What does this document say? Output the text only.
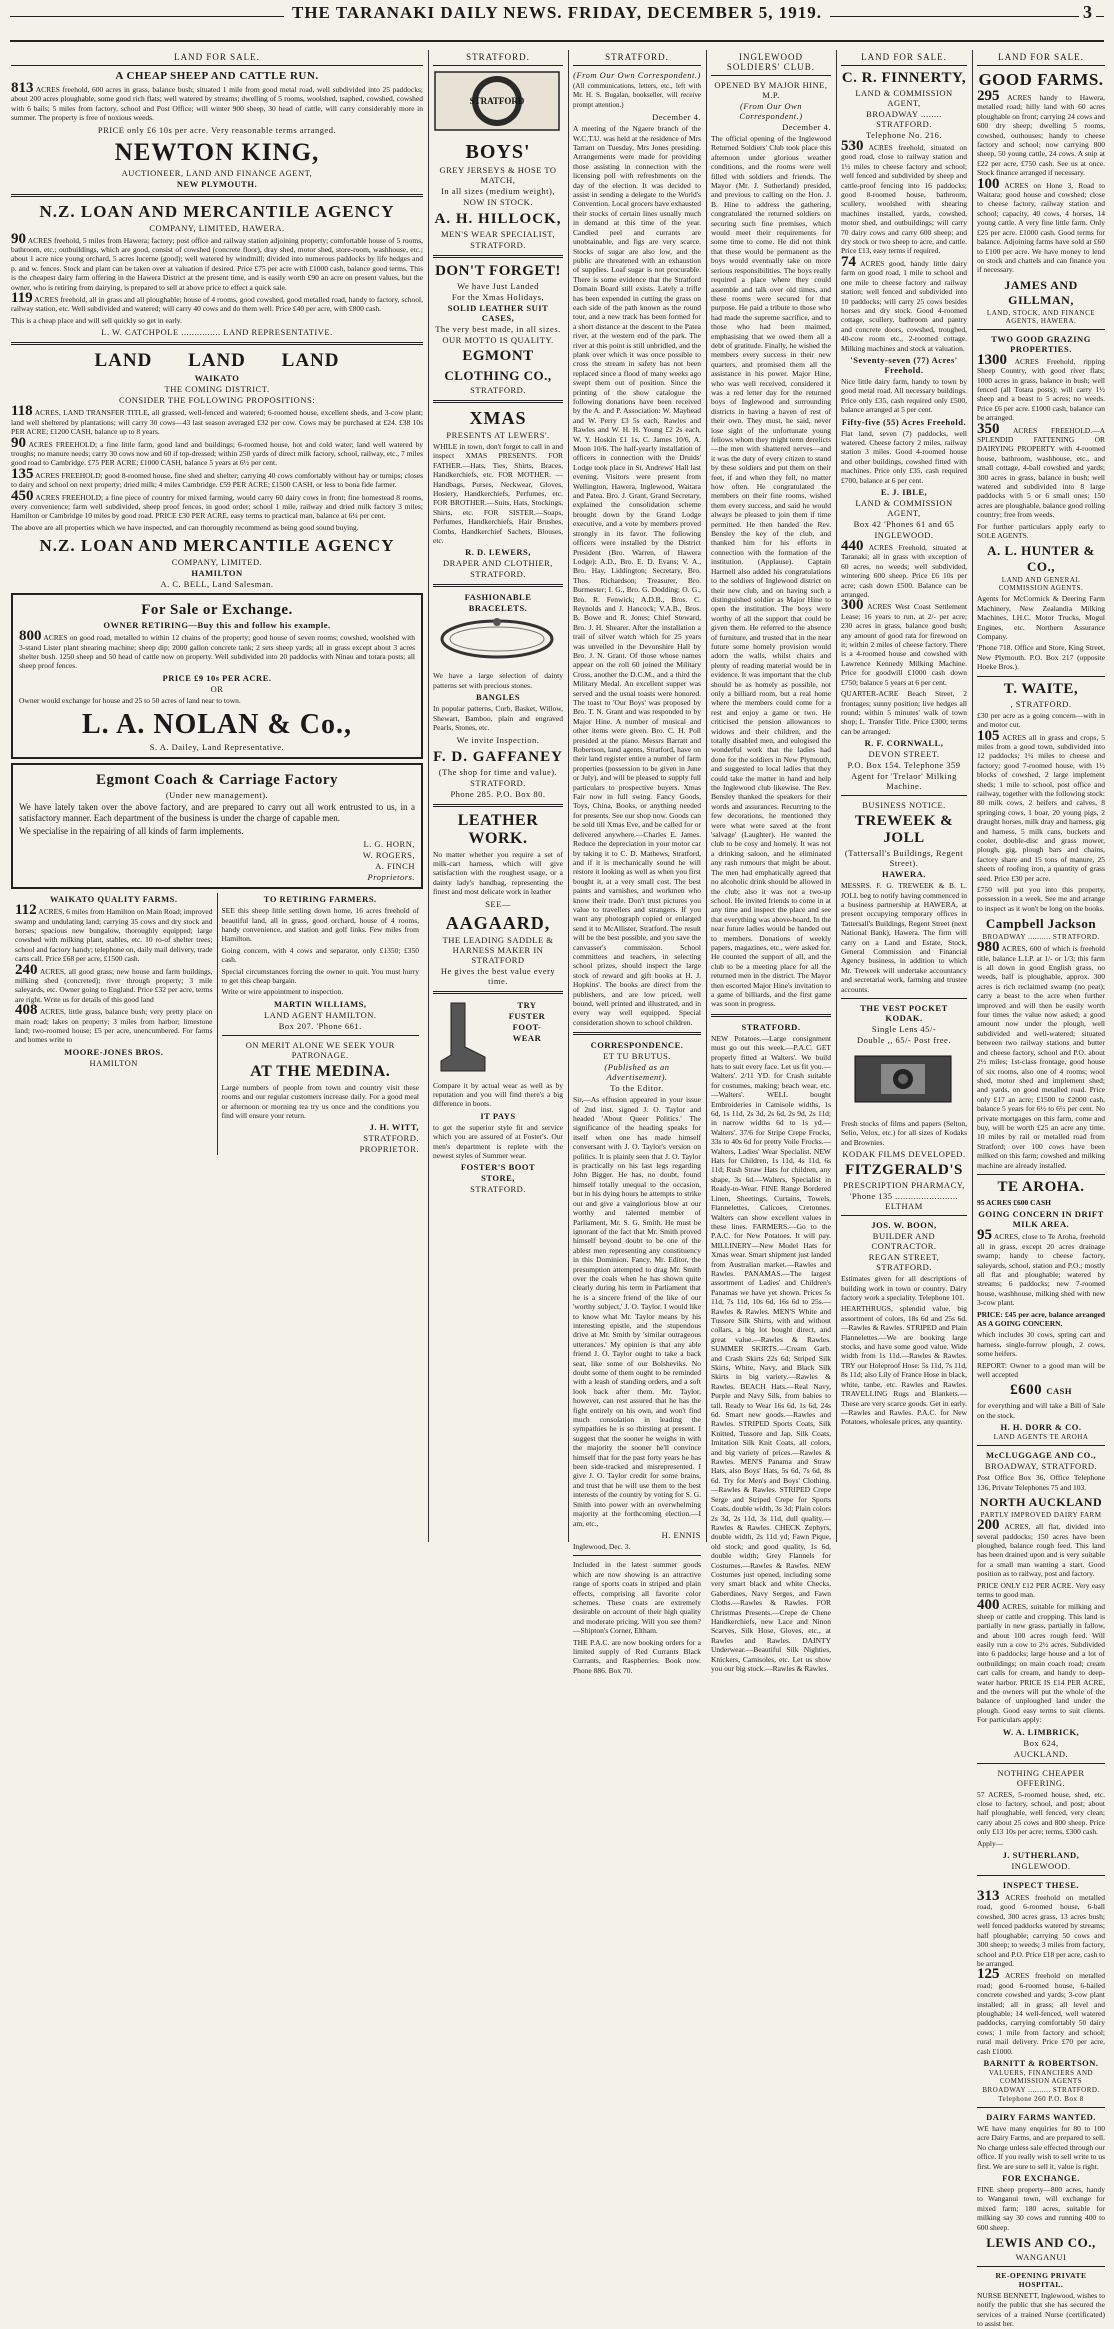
THE TARANAKI DAILY NEWS. FRIDAY, DECEMBER 5, 1919.	3
LAND FOR SALE.
A CHEAP SHEEP AND CATTLE RUN.
813 ACRES freehold, 600 acres in grass, balance bush; situated 1 mile from good metal road, well subdivided into 25 paddocks; about 200 acres ploughable, some good rich flats; well watered by streams; dwelling of 5 rooms, woolshed, tsaphed, cowshed, cowshed with 6 bails; 5 miles from factory, school and Post Office; will winter 900 sheep, 30 head of cattle, will carry considerably more in summer. The property is free of noxious weeds.
PRICE only £6 10s per acre. Very reasonable terms arranged.
NEWTON KING,
AUCTIONEER, LAND AND FINANCE AGENT,
NEW PLYMOUTH.
N.Z. LOAN AND MERCANTILE AGENCY
COMPANY, LIMITED, HAWERA.
90 ACRES freehold, 5 miles from Hawera; factory; post office and railway station adjoining property; comfortable house of 5 rooms, bathroom, etc.; outbuildings, which are good, consist of cowshed (concrete floor), dray shed, motor shed, store-room, washhouse, etc.; about 1 acre nice young orchard, 5 acres lucerne (good); well watered by windmill; divided into numerous paddocks by life hedges and p. and w. fences. Stock and plant can be taken over at valuation if desired. Price £75 per acre with £1000 cash, balance good terms. This is the cheapest dairy farm offering in the Hawera District at the present time, and is easily worth £90 an acre on present values, but the owner, who is retiring from dairying, is prepared to sell at above price to effect a quick sale.
119 ACRES freehold, all in grass and all ploughable; house of 4 rooms, good cowshed, good metalled road, handy to factory, school, railway station, etc. Well subdivided and watered; will carry 40 cows and do them well. Price £40 per acre, with £800 cash.
This is a cheap place and will sell quickly so get in early.
L. W. CATCHPOLE ............... LAND REPRESENTATIVE.
LAND LAND LAND
WAIKATO
THE COMING DISTRICT.
CONSIDER THE FOLLOWING PROPOSITIONS:
118 ACRES, LAND TRANSFER TITLE, all grassed, well-fenced and watered; 6-roomed house, excellent sheds, and 3-cow plant; land well sheltered by plantations; will carry 30 cows—43 last season averaged £32 per cow. Cows may be purchased at £24. £38 10s PER ACRE; £1200 CASH, balance up to 8 years.
90 ACRES FREEHOLD; a fine little farm, good land and buildings; 6-roomed house, hot and cold water; land well watered by troughs; no manure needs; carry 30 cows now and 60 if top-dressed; within 250 yards of direct milk factory, school, railway, etc., 7 miles good road to Cambridge. £75 PER ACRE; £1000 CASH, balance 5 years at 6½ per cent.
135 ACRES FREEHOLD; good 8-roomed house, fine shed and shelter; carrying 40 cows comfortably without hay or turnips; closes to dairy and school on next property; dried milk; 4 miles Cambridge. £59 PER ACRE; £1500 CASH, or less to bona fide farmer.
450 ACRES FREEHOLD; a fine piece of country for mixed farming, would carry 60 dairy cows in front; fine homestead 8 rooms, every convenience; farm well subdivided, sheep proof fences, in good order; school 1 mile, railway and dried milk factory 3 miles; Hamilton or Cambridge 10 miles by good road. PRICE £30 PER ACRE, easy terms to practical man, balance at 6¼ per cent.
The above are all properties which we have inspected, and can thoroughly recommend as being good sound buying.
N.Z. LOAN AND MERCANTILE AGENCY
COMPANY, LIMITED.
HAMILTON
A. C. BELL, Land Salesman.
For Sale or Exchange.
OWNER RETIRING—Buy this and follow his example.
800 ACRES on good road, metalled to within 12 chains of the property; good house of seven rooms; cowshed, woolshed with 3-stand Lister plant shearing machine; sheep dip; 2000 gallon concrete tank; 2 sets sheep yards; all in grass except about 3 acres shelter bush. 1250 sheep and 50 head of cattle now on property. Well subdivided into 20 paddocks with Ninau and totara posts; all sheep proof fences.
PRICE £9 10s PER ACRE.
OR
Owner would exchange for house and 25 to 50 acres of land near to town.
L. A. NOLAN & Co.,
S. A. Dailey, Land Representative.
Egmont Coach & Carriage Factory
(Under new management).
We have lately taken over the above factory, and are prepared to carry out all work entrusted to us, in a satisfactory manner. Each department of the business is under the charge of capable men.
We specialise in the repairing of all kinds of farm implements.
L. G. HORN,
W. ROGERS,
A. FINCH
Proprietors.
WAIKATO QUALITY FARMS.
112 ACRES, 6 miles from Hamilton on Main Road; improved swamp and undulating land; carrying 35 cows and dry stock and horses; spacious new bungalow, thoroughly equipped; large cowshed with milking plant, stables, etc. 10 ro-of shelter trees; school and factory handy; telephone on, daily mail delivery, trade carts call. Price £68 per acre, £1500 cash.
240 ACRES, all good grass; new house and farm buildings, milking shed (concreted); river through property; 3 mile saleyards, etc. Owner going to England. Price £32 per acre, terms are right. Write us for details of this good land
408 ACRES, little grass, balance bush; very pretty place on main road; lakes on property; 3 miles from harbor; limestone land; two-roomed house; £5 per acre, unencumbered. For farms and homes write to
MOORE-JONES BROS.
HAMILTON
TO RETIRING FARMERS.
SEE this sheep little settling down home, 16 acres freehold of beautiful land, all in grass, good orchard, house of 4 rooms, handy convenience, and station and golf links. Few miles from Hamilton.
Going concern, with 4 cows and separator, only £1350; £350 cash.
Special circumstances forcing the owner to quit. You must hurry to get this cheap bargain.
Write or wire appointment to inspection.
MARTIN WILLIAMS,
LAND AGENT HAMILTON.
Box 207. 'Phone 661.
ON MERIT ALONE WE SEEK YOUR PATRONAGE.
AT THE MEDINA.
Large numbers of people from town and country visit these rooms and our regular customers increase daily. For a good meal or afternoon or morning tea try us once and the conditions you find will ensure your return.
J. H. WITT,
STRATFORD.
PROPRIETOR.
STRATFORD.
STRATFORD
BOYS'
GREY JERSEYS & HOSE TO MATCH,
In all sizes (medium weight),
NOW IN STOCK.
A. H. HILLOCK,
MEN'S WEAR SPECIALIST,
STRATFORD.
DON'T FORGET!
We have Just Landed
For the Xmas Holidays,
SOLID LEATHER SUIT CASES,
The very best made, in all sizes.
OUR MOTTO IS QUALITY.
EGMONT
CLOTHING CO.,
STRATFORD.
XMAS
PRESENTS AT LEWERS'.
WHILE in town, don't forget to call in and inspect XMAS PRESENTS. FOR FATHER.—Hats, Ties, Shirts, Braces, Handkerchiefs, etc. FOR MOTHER. — Handbags, Purses, Neckwear, Gloves, Hosiery, Handkerchiefs, Perfumes, etc. FOR BROTHER.—Suits, Hats, Stockings, Shirts, etc. FOR SISTER.—Soaps, Perfumes, Handkerchiefs, Hair Brushes, Combs, Handkerchief Sachets, Blouses, etc.
R. D. LEWERS,
DRAPER AND CLOTHIER,
STRATFORD.
FASHIONABLE
BRACELETS.
We have a large selection of dainty patterns set with precious stones.
BANGLES
In popular patterns, Curb, Basket, Willow, Shewart, Bamboo, plain and engraved Pearls, Stones, etc.
We invite Inspection.
F. D. GAFFANEY
(The shop for time and value).
STRATFORD.
Phone 285. P.O. Box 80.
LEATHER WORK.
No matter whether you require a set of milk-cart harness, which will give satisfaction with the roughest usage, or a dainty lady's handbag, representing the finest and most delicate work in leather
SEE—
AAGAARD,
THE LEADING SADDLE & HARNESS MAKER IN STRATFORD
He gives the best value every time.
TRY
FUSTER
FOOT-
WEAR
Compare it by actual wear as well as by reputation and you will find there's a big difference in boots.
IT PAYS
to get the superior style fit and service which you are assured of at Foster's. Our men's department is replete with the newest styles of Summer wear.
FOSTER'S BOOT
STORE,
STRATFORD.
STRATFORD.
(From Our Own Correspondent.)
(All communications, letters, etc., left with Mr. H. S. Bugalan, bookseller, will receive prompt attention.)
December 4.
A meeting of the Ngaere branch of the W.C.T.U. was held at the residence of Mrs Tarrant on Tuesday, Mrs Jones presiding. Arrangements were made for providing those assisting in connection with the licensing poll with refreshments on the day of the election. It was decided to assist in sending a delegate to the World's Convention. Local grocers have exhausted their stocks of certain lines usually much in demand at this time of the year. Candied peel and currants are unobtainable, and figs are very scarce. Stocks of sugar are also low, and the public are threatened with an exhaustion of supplies. Loaf sugar is not procurable. There is some evidence that the Stratford Domain Board still exists. Lately a trifle has been expended in cutting the grass on each side of the path known as the round tour, and a new track has been formed for a short distance at the descent to the Patea river, at the western end of the park. The river at this point is still unbridled, and the plank over which it was once possible to cross the stream in safety has not been replaced since a flood of many weeks ago swept them out of position. Since the printing of the show catalogue the following donations have been received by the A. and P. Association: W. Mayhead and W. Perry £3 5s each, Rawles and Rawles and W. H. H. Young £2 2s each, W. Y. Hoskin £1 1s, C. James 10/6, A. Moon 10/6. The half-yearly installation of officers in connection with the Druids' Lodge took place in St. Andrews' Hall last evening. Visitors were present from Wellington, Hawera, Inglewood, Waitara and Patea. Bro. J. Grant, Grand Secretary, explained the consolidation scheme brought down by the Grand Lodge executive, and a vote by members proved strongly in its favor. The following officers were installed by the District President (Bro. Warren, of Hawera Lodge): A.D., Bro. E. D. Evans; V. A., Bro. Hay, Liddington; Secretary, Bro. Thos. Richardson; Treasurer, Bro. Burmester; I. G., Bro. G. Dodding; O. G., Bro. R. Fenwick; A.D.B., Bros. C. Reynolds and J. Hancock; V.A.B., Bros. B. Bowe and R. Jones; Chief Steward, Bro. J. H. Shearer. After the installation a trail of silver watch which for 25 years was unveiled in the Devonshire Hall by Bro. J. N. Grant. Of those whose names appear on the roll 60 joined the Military Cross, another the D.C.M., and a third the Military Medal. An excellent supper was served and the usual toasts were honored. The toast to 'Our Boys' was proposed by Bro. T. N. Grant and was responded to by Major Hine. A number of musical and other items were given. Bro. C. H. Poll presided at the piano. Messrs Barratt and Robertson, land agents, Stratford, have on their land register entire a number of farm properties (possession to be given in June or July), and will be pleased to supply full particulars to prospective buyers. Xmas Fair now in full swing. Fancy Goods, Toys, China, Books, or anything needed for presents. See our shop now. Goods can be sold till Xmas Eve, and be called for or delivered anywhere.—Charles E. James. Reduce the depreciation in your motor car by taking it to C. D. Mathews, Stratford, and if it is mechanically sound he will restore it looking as well as when you first bought it, at a very small cost. The best paints and varnishes, and workmen who know their trade. Don't trust pictures you value to travellers and strangers. If you want any photograph copied or enlarged send it to McAllister, Stratford. The result will be the best possible, and you save the canvasser's commission. School committees and teachers, in selecting school prizes, should inspect the large stock of reward and gift books at H. J. Hopkins'. The books are direct from the publishers, and are low priced, well bound, well printed and illustrated, and in every way well equipped. Special consideration shown to school children.
CORRESPONDENCE.
ET TU BRUTUS.
(Published as an Advertisement).
To the Editor.
Sir,—As effusion appeared in your issue of 2nd inst. signed J. O. Taylor and headed 'About Queer Politics.' The significance of the heading speaks for itself when one has made himself conversant with J. O. Taylor's version on politics. It is plainly seen that J. O. Taylor is practically on his last legs regarding John Bigger. He has, no doubt, found himself totally unequal to the occasion, but in his dying hours he attempts to strike out and give a vainglorious blow at our worthy and talented member of Parliament, Mr. S. G. Smith. He must be ignorant of the fact that Mr. Smith proved himself beyond doubt to be one of the ablest men representing any constituency in this Dominion. Fancy, Mr. Editor, the presumption attempted to drag Mr. Smith over the coals when he has shown quite clearly during his term in Parliament that he is a sincere friend of the like of our 'worthy subject,' J. O. Taylor. I would like to know what Mr. Taylor means by his interesting epistle, and the stupendous drive at Mr. Smith by 'similar outrageous utterances.' My opinion is that any able friend J. O. Taylor ought to take a back seat, like some of our Bolsheviks. No doubt some of them ought to be reminded with a leash of standing orders, and a soft look back after them. Mr. Taylor, however, can rest assured that he has the fight entirely on his own, and won't find much consolation in leading the sympathies he is so thirsting at present. I suggest that the sooner he weighs in with the majority the sooner he'll convince himself that for the past forty years he has been side-tracked and misrepresented. I give J. O. Taylor credit for some brains, and trust that he will use them to the best interests of the country by voting for S. G. Smith into power with an overwhelming majority at the forthcoming election.—I am, etc.,
H. ENNIS
Inglewood, Dec. 3.
Included in the latest summer goods which are now showing is an attractive range of sports coats in striped and plain effects, comprising all favorite color schemes. These coats are extremely desirable on account of their high quality and moderate pricing. Will you see them?—Shipton's Corner, Eltham.
THE P.A.C. are now booking orders for a limited supply of Red Currants Black Currants, and Raspberries. Book now. Phone 886. Box 70.
INGLEWOOD SOLDIERS' CLUB.
OPENED BY MAJOR HINE, M.P.
(From Our Own Correspondent.)
December 4.
The official opening of the Inglewood Returned Soldiers' Club took place this afternoon under glorious weather conditions, and the rooms were well filled with soldiers and friends. The Mayor (Mr. J. Sutherland) presided, and previous to calling on the Hon. J. B. Hine to address the gathering, congratulated the returned soldiers on securing such fine premises, which would meet their requirements for some time to come. He did not think that these would be permanent as the boys would eventually take on more serious responsibilities. The boys really required a place where they could assemble and talk over old times, and these rooms were secured for that purpose. He paid a tribute to those who had made the supreme sacrifice, and to those who had been maimed, emphasising that we owed them all a debt of gratitude. Finally, he wished the members every success in their new quarters, and promised them all the assistance in his power. Major Hine, who was well received, considered it was a red letter day for the returned boys of Inglewood and surrounding districts in having a haven of rest of their own. They must, he said, never lose sight of the unfortunate young fellows whom they might term derelicts—the men with shattered nerves—and it was the duty of every citizen to stand by these soldiers and put them on their feet, if and when they fell, no matter how often. He congratulated the members on their fine rooms, wished them every success, and said he would always be pleased to join them if time permitted. He then handed the Rev. Bensley the key of the club, and thanked him for his efforts in connection with the formation of the institution. (Applause). Captain Hartnell also added his congratulations to the soldiers of Inglewood district on their new club, and on having such a distinguished soldier as Major Hine to open the institution. The boys were worthy of all the support that could be given them. He referred to the absence of furniture, and trusted that in the near future some homely provision would adorn the walls, whilst chairs and plenty of reading material would be in evidence. It was important that the club should be as homely as possible, not only a billiard room, but a real home where the members could come for a rest and enjoy a game or two. He criticised the pension allowances to widows and their children, and the totally disabled men, and eulogised the wonderful work that the ladies had done for the soldiers in New Plymouth, and suggested to local ladies that they could take the matter in hand and help the Inglewood club likewise. The Rev. Bensley thanked the speakers for their words and assurances. Recurring to the few decorations, he mentioned they were what were saved at the front 'salvage' (Laughter). He wanted the club to be cosy and homely. It was not a drinking saloon, and he eliminated any rash rumours that might be about. The men had emphatically agreed that no alcoholic drink should be allowed in the club; also it was not a two-up school. He invited friends to come in at any time and inspect the place and see that everything was above-board. In the near future ladies would be handed out to members. Donations of weekly papers, magazines, etc., were asked for. He counted the support of all, and the club to be a meeting place for all the returned men in the district. The Mayor then escorted Major Hine's invitation to a game of billiards, and the first game was soon in progress.
STRATFORD.
NEW Potatoes.—Large consignment must go out this week.—P.A.C. GET properly fitted at Walters'. We build hats to suit every face. Let us fit you.—Walters'. 2/11 YD. for Crash suitable for costumes, making; beach wear, etc.—Walters'. WELL bought Embroideries in Camisole widths, 1s 6d, 1s 11d, 2s 3d, 2s 6d, 2s 9d, 2s 11d; in narrow widths 6d to 1s yd.—Walters'. 37/6 for Stripe Crepe Frocks, 33s to 40s 6d for pretty Voile Frocks.—Walters, Ladies' Wear Specialist. NEW Hats for Children, 1s 11d, 4s 11d, 6s 11d; Rush Straw Hats for children, any shape, 3s 6d.—Walters, Specialist in Ready-to-Wear. FINE Range Bordered Linen, Sheetings, Curtains, Towels, Flannelettes, Calicoes, Cretonnes. Walters can show excellent values in these lines. FARMERS.—Go to the P.A.C. for New Potatoes. It will pay. MILLINERY—New Model Hats for Xmas wear. Smart shipment just landed from Australian market.—Rawles and Rawles. PANAMAS.—The largest assortment of Ladies' and Children's Panamas we have yet shown. Prices 5s 11d, 7s 11d, 10s 6d, 16s 6d to 25s.—Rawles & Rawles. MEN'S White and Tussore Silk Shirts, with and without collars, a big lot bought direct, and great value.—Rawles & Rawles. SUMMER SKIRTS.—Cream Garb. and Crash Skirts 22s 6d; Striped Silk Skirts, White, Navy, and Black Silk Skirts in big variety.—Rawles & Rawles. BEACH Hats.—Real Navy, Purple and Navy Silk, from babies to tall. Ready to Wear 16s 6d, 1s 6d, 24s 6d. Smart new goods.—Rawles and Rawles. STRIPED Sports Coats, Silk Knitted, Tussore and Jap. Silk Coats, Imitation Silk Knit Coats, all colors, and big variety of prices.—Rawles & Rawles. MEN'S Panama and Straw Hats, also Boys' Hats, 5s 6d, 7s 6d, 8s 6d. Try for Men's and Boys' Clothing.—Rawles & Rawles. STRIPED Crepe Serge and Striped Crepe for Sports Coats, double width, 3s 3d; Plain colors 2s 3d, 2s 11d, 3s 11d, dull quality.—Rawles & Rawles. CHECK Zephyrs, double width, 2s 11d yd; Fawn Pique, old stock; and good quality, 1s 6d, double width; Grey Flannels for Costumes.—Rawles & Rawles. NEW Costumes just opened, including some very smart black and white Checks, Gaberdines, Navy Serges, and Fawn Cloths.—Rawles & Rawles. FOR Christmas Presents.—Crepe de Chene Handkerchiefs, new Lace and Ninon Scarves, Silk Hose, Gloves, etc., at Rawles and Rawles. DAINTY Underwear.—Beautiful Silk Nighties, Knickers, Camisoles, etc. Let us show you our big stock.—Rawles & Rawles.
LAND FOR SALE.
C. R. FINNERTY,
LAND & COMMISSION AGENT,
BROADWAY ........ STRATFORD.
Telephone No. 216.
530 ACRES freehold, situated on good road, close to railway station and 1½ miles to cheese factory and school; well fenced and subdivided by sheep and cattle-proof fencing into 16 paddocks; good 8-roomed house, bathroom, scullery, woolshed with shearing machines installed, yards, cowshed, motor shed, and outbuildings; will carry 70 dairy cows and carry 600 sheep; and dry stock or two sheep to acre, and cattle. Price £13, easy terms if required.
74 ACRES good, handy little dairy farm on good road, 1 mile to school and one mile to cheese factory and railway station; well fenced and subdivided into 10 paddocks; will carry 25 cows besides horses and dry stock. Good 4-roomed cottage, scullery, bathroom and pantry and concrete doors, cowshed, troughed, 40-cow room etc., 2-roomed cottage. Milking machines and stock at valuation.
'Seventy-seven (77) Acres' Freehold.
Nice little dairy farm, handy to town by good metal road. All necessary buildings. Price only £35, cash required only £500, balance arranged at 5 per cent.
Fifty-five (55) Acres Freehold.
Flat land, seven (7) paddocks, well watered. Cheese factory 2 miles, railway station 3 miles. Good 4-roomed house and other buildings, cowshed fitted with machines. Price only £35, cash required £700, balance at 6 per cent.
E. J. IBLE,
LAND & COMMISSION AGENT,
Box 42 'Phones 61 and 65
INGLEWOOD.
440 ACRES Freehold, situated at Taranaki; all in grass with exception of 60 acres, no weeds; well subdivided, wintering 600 sheep. Price £6 10s per acre; cash down £500. Balance can be arranged.
300 ACRES West Coast Settlement Lease; 16 years to run, at 2/- per acre; 230 acres in grass, balance good bush; any amount of good rata for firewood on it; within 2 miles of cheese factory. There is a 4-roomed house and cowshed with Lawrence Kennedy Milking Machine. Price for goodwill £1000 cash down £750; balance 5 years at 6 per cent.
QUARTER-ACRE Beach Street, 2 frontages; sunny position; live hedges all round; within 5 minutes' walk of town shop; L. Transfer Title. Price £300; terms can be arranged.
R. F. CORNWALL,
DEVON STREET.
P.O. Box 154. Telephone 359
Agent for 'Trelaor' Milking Machine.
BUSINESS NOTICE.
TREWEEK & JOLL
(Tattersall's Buildings, Regent Street).
HAWERA.
MESSRS. F. G. TREWEEK & B. L. JOLL beg to notify having commenced in a business partnership at HAWERA, at present occupying temporary offices in Tattersall's Buildings, Regent Street (next National Bank), Hawera. The firm will carry on a Land and Estate, Stock, General Commission and Financial Agency business, in addition to which Mr. Treweek will undertake accountancy and secretarial work, farming and trustee accounts.
THE VEST POCKET KODAK.
Single Lens 45/-
Double ,, 65/- Post free.
Fresh stocks of films and papers (Selton, Selio, Velox, etc.) for all sizes of Kodaks and Brownies.
KODAK FILMS DEVELOPED.
FITZGERALD'S
PRESCRIPTION PHARMACY,
'Phone 135 ........................ ELTHAM
JOS. W. BOON,
BUILDER AND CONTRACTOR.
REGAN STREET, STRATFORD.
Estimates given for all descriptions of building work in town or country. Dairy factory work a speciality. Telephone 101.
HEARTHRUGS, splendid value, big assortment of colors, 18s 6d and 25s 6d.—Rawles & Rawles. STRIPED and Plain Flannelettes.—We are booking large stocks, and have some good value. Wide width from 1s 11d.—Rawles & Rawles. TRY our Holeproof Hose: 5s 11d, 7s 11d, 8s 11d; also Lily of France Hose in black, white, tanbe, etc. Rawles and Rawles. TRAVELLING Rugs and Blankets.—These are very scarce goods. Get in early.—Rawles and Rawles. P.A.C. for New Potatoes, wholesale prices, any quantity.
LAND FOR SALE.
GOOD FARMS.
295 ACRES handy to Hawera, metalled road; hilly land with 60 acres ploughable on front; carrying 24 cows and 600 dry sheep; dwelling 5 rooms, cowshed, outhouses; handy to cheese factory and school; now carrying 800 sheep, 50 young cattle, 24 cows. A snip at £22 per acre, £750 cash. See us at once. Stock finance arranged if necessary.
100 ACRES on Hone 3, Road to Waitara; good house and cowshed; close to cheese factory, railway station and school; capacity, 40 cows, 4 horses, 14 young cattle. A very fine little farm. Only £25 per acre. £1000 cash. Good terms for balance. Adjoining farms have sold at £60 to £100 per acre. We have money to lend on stock and chattels and can finance you if necessary.
JAMES AND GILLMAN,
LAND, STOCK, AND FINANCE AGENTS, HAWERA.
TWO GOOD GRAZING PROPERTIES.
1300 ACRES Freehold, ripping Sheep Country, with good river flats; 1000 acres in grass, balance in bush; well fenced (all Totara posts); will carry 1½ sheep and a beast to 5 acres; no weeds. Price £6 per acre. £1000 cash, balance can be arranged.
350 ACRES FREEHOLD.—A SPLENDID FATTENING OR DAIRYING PROPERTY with 4-roomed house, bathroom, washhouse, etc., and small cottage, 4-ball cowshed and yards; 300 acres in grass, balance in bush; well watered and subdivided into 8 large paddocks with 5 or 6 small ones; 150 acres are ploughable, balance good rolling country; free from weeds.
For further particulars apply early to SOLE AGENTS.
A. L. HUNTER & CO.,
LAND AND GENERAL COMMISSION AGENTS.
Agents for McCormick & Deering Farm Machinery, New Zealandia Milking Machines, I.H.C. Motor Trucks, Mogul Engines, etc. Northern Assurance Company.
'Phone 718. Office and Store, King Street, New Plymouth. P.O. Box 217 (opposite Hoeke Bros.).
T. WAITE,
, STRATFORD.
£30 per acre as a going concern—with in and motor cut.
105 ACRES all in grass and crops, 5 miles from a good town, subdivided into 12 paddocks; 1¼ miles to cheese and factory; good 7-roomed house, with 1½ blocks of cowshed, 2 large implement sheds; 1 mile to school, post office and railway, together with the following stock: 80 milk cows, 2 heifers and calves, 8 springing cows, 1 boar, 20 young pigs, 2 draught horses, milk dray and harness, gig and harness, 5 milk cans, buckets and cooler, double-disc and grass mower, plough, gig, plough bars and chains, factory share and 15 tons of manure, 25 sheets of roofing iron, a quantity of grass seed. Price £30 per acre.
£750 will put you into this property, possession in a week. See me and arrange to inspect as it won't be long on the books.
Campbell Jackson
BROADWAY .......... STRATFORD.
980 ACRES, 600 of which is freehold title, balance L.I.P. at 1/- or 1/3; this farm is all down in good English grass, no weeds, half is ploughable, approx. 300 acres is rich reclaimed swamp (no peat); carry a beast to the acre when further improved and will then be easily worth four times the value now asked; a good amount now under the plough, well subdivided and well-watered; situated between two railway stations and butter and cheese factory, school and P.O. about 2½ miles; 1st-class frontage, good house of six rooms, also one of 4 rooms; wool shed, motor shed and implement shed; and yards, on good metalled road. Price only £17 an acre; £1500 to £2000 cash, balance 5 years for 6½ to 6½ per cent. No private mortgages on this farm, come and buy, will be worth £25 an acre any time. 10 miles by rail or metalled road from Stratford; over 100 cows have been milked on this farm; cowshed and milking machine are already installed.
TE AROHA.
95 ACRES £600 CASH
GOING CONCERN IN DRIFT MILK AREA.
95 ACRES, close to Te Aroha, freehold all in grass, except 20 acres drainage swamp; handy to cheese factory, saleyards, school, station and P.O.; mostly all flat and ploughable; watered by streams; 6 paddocks; new 7-roomed house, washhouse, milking shed with new 3-cow plant.
PRICE: £45 per acre, balance arranged AS A GOING CONCERN.
which includes 30 cows, spring cart and harness, single-furrow plough, 2 cows, some heifers.
REPORT: Owner to a good man will be well accepted
£600 CASH
for everything and will take a Bill of Sale on the stock.
H. H. DORR & CO.
LAND AGENTS TE AROHA
McCLUGGAGE AND CO.,
BROADWAY, STRATFORD.
Post Office Box 36, Office Telephone 136, Private Telephones 75 and 103.
NORTH AUCKLAND
PARTLY IMPROVED DAIRY FARM
200 ACRES, all flat, divided into several paddocks; 150 acres have been ploughed, balance rough feed. This land has been drained upon and is very suitable for a small man wanting a start. Good position as to railway, post and factory.
PRICE ONLY £12 PER ACRE. Very easy terms to good man.
400 ACRES, suitable for milking and sheep or cattle and cropping. This land is partially in new grass, partially in fallow, and about 100 acres rough feed. Will easily run a cow to 2½ acres. Subdivided into 6 paddocks; large house and a lot of outbuildings; on main coach road; cream cart calls for cream, and handy to deep-water harbor. PRICE IS £14 PER ACRE, and the owners will put the whole of the balance of unploughed land under the plough. Good easy terms to suit clients. For particulars apply:
W. A. LIMBRICK,
Box 624,
AUCKLAND.
NOTHING CHEAPER OFFERING.
57 ACRES, 5-roomed house, shed, etc. close to factory, school, and post; about half ploughable, well fenced, very clean; carry about 25 cows and 800 sheep. Price only £13 10s per acre; terms, £300 cash.
Apply—
J. SUTHERLAND,
INGLEWOOD.
INSPECT THESE.
313 ACRES freehold on metalled road, good 6-roomed house, 6-ball cowshed, 300 acres grass, 13 acres bush; well fenced paddocks watered by streams; half ploughable; carrying 50 cows and 300 sheep; to weeds; 3 miles from factory, school and P.O. Price £18 per acre, cash to be arranged.
125 ACRES freehold on metalled road; good 6-roomed house, 6-bailed concrete cowshed and yards; 3-cow plant installed; all in grass; all level and ploughable; 14 well-fenced, well watered paddocks, carrying comfortably 50 dairy cows; 1 mile from factory and school; rural mail delivery. Price £70 per acre, cash £1000.
BARNITT & ROBERTSON.
VALUERS, FINANCIERS AND COMMISSION AGENTS
BROADWAY .......... STRATFORD.
Telephone 260 P.O. Box 8
DAIRY FARMS WANTED.
WE have many enquiries for 80 to 100 acre Dairy Farms, and are prepared to sell. No charge unless sale effected through our office. If you really wish to sell write to us first. We are sure to sell it, value is right.
FOR EXCHANGE.
FINE sheep property—800 acres, handy to Wanganui town, will exchange for mixed farm; 180 acres, suitable for milking say 30 cows and running 400 to 600 sheep.
LEWIS AND CO.,
WANGANUI
RE-OPENING PRIVATE HOSPITAL.
NURSE BENNETT, Inglewood, wishes to notify the public that she has secured the services of a trained Nurse (certificated) to assist her.
